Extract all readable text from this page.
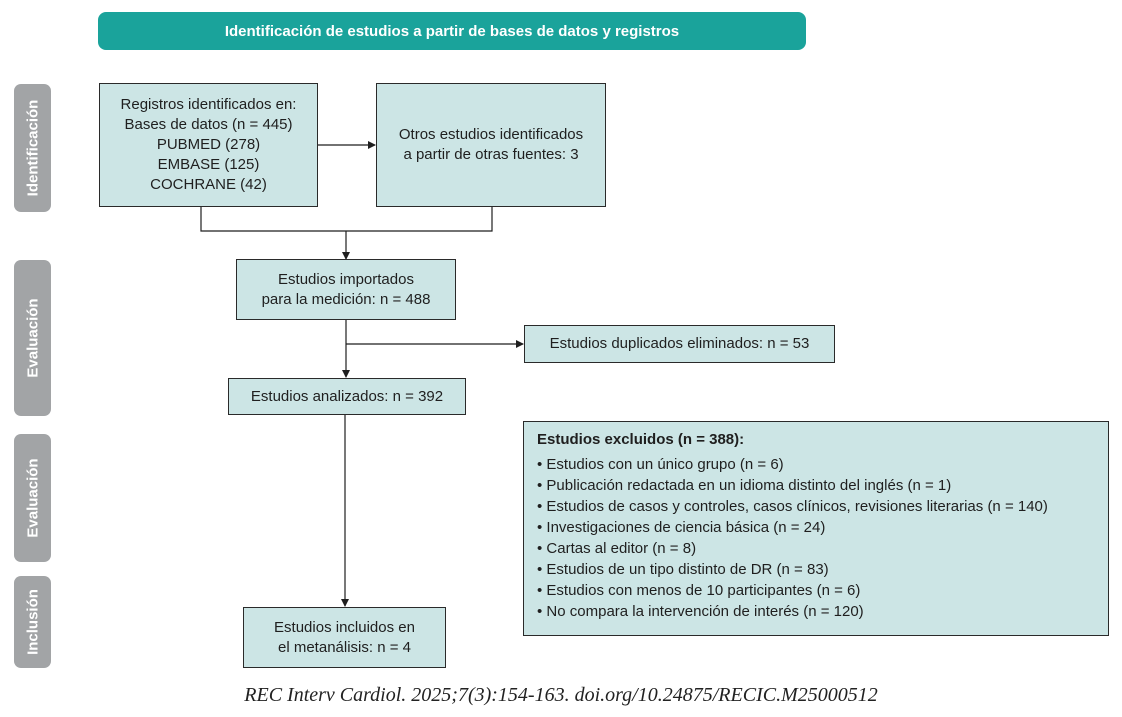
Identificación de estudios a partir de bases de datos y registros
Identificación
Evaluación
Evaluación
Inclusión
Registros identificados en:
Bases de datos (n = 445)
PUBMED (278)
EMBASE (125)
COCHRANE (42)
Otros estudios identificados
a partir de otras fuentes: 3
Estudios importados
para la medición: n = 488
Estudios duplicados eliminados: n = 53
Estudios analizados: n = 392
Estudios excluidos (n = 388):
• Estudios con un único grupo (n = 6)
• Publicación redactada en un idioma distinto del inglés (n = 1)
• Estudios de casos y controles, casos clínicos, revisiones literarias (n = 140)
• Investigaciones de ciencia básica (n = 24)
• Cartas al editor (n = 8)
• Estudios de un tipo distinto de DR (n = 83)
• Estudios con menos de 10 participantes (n = 6)
• No compara la intervención de interés (n = 120)
Estudios incluidos en
el metanálisis: n = 4
REC Interv Cardiol. 2025;7(3):154-163. doi.org/10.24875/RECIC.M25000512
